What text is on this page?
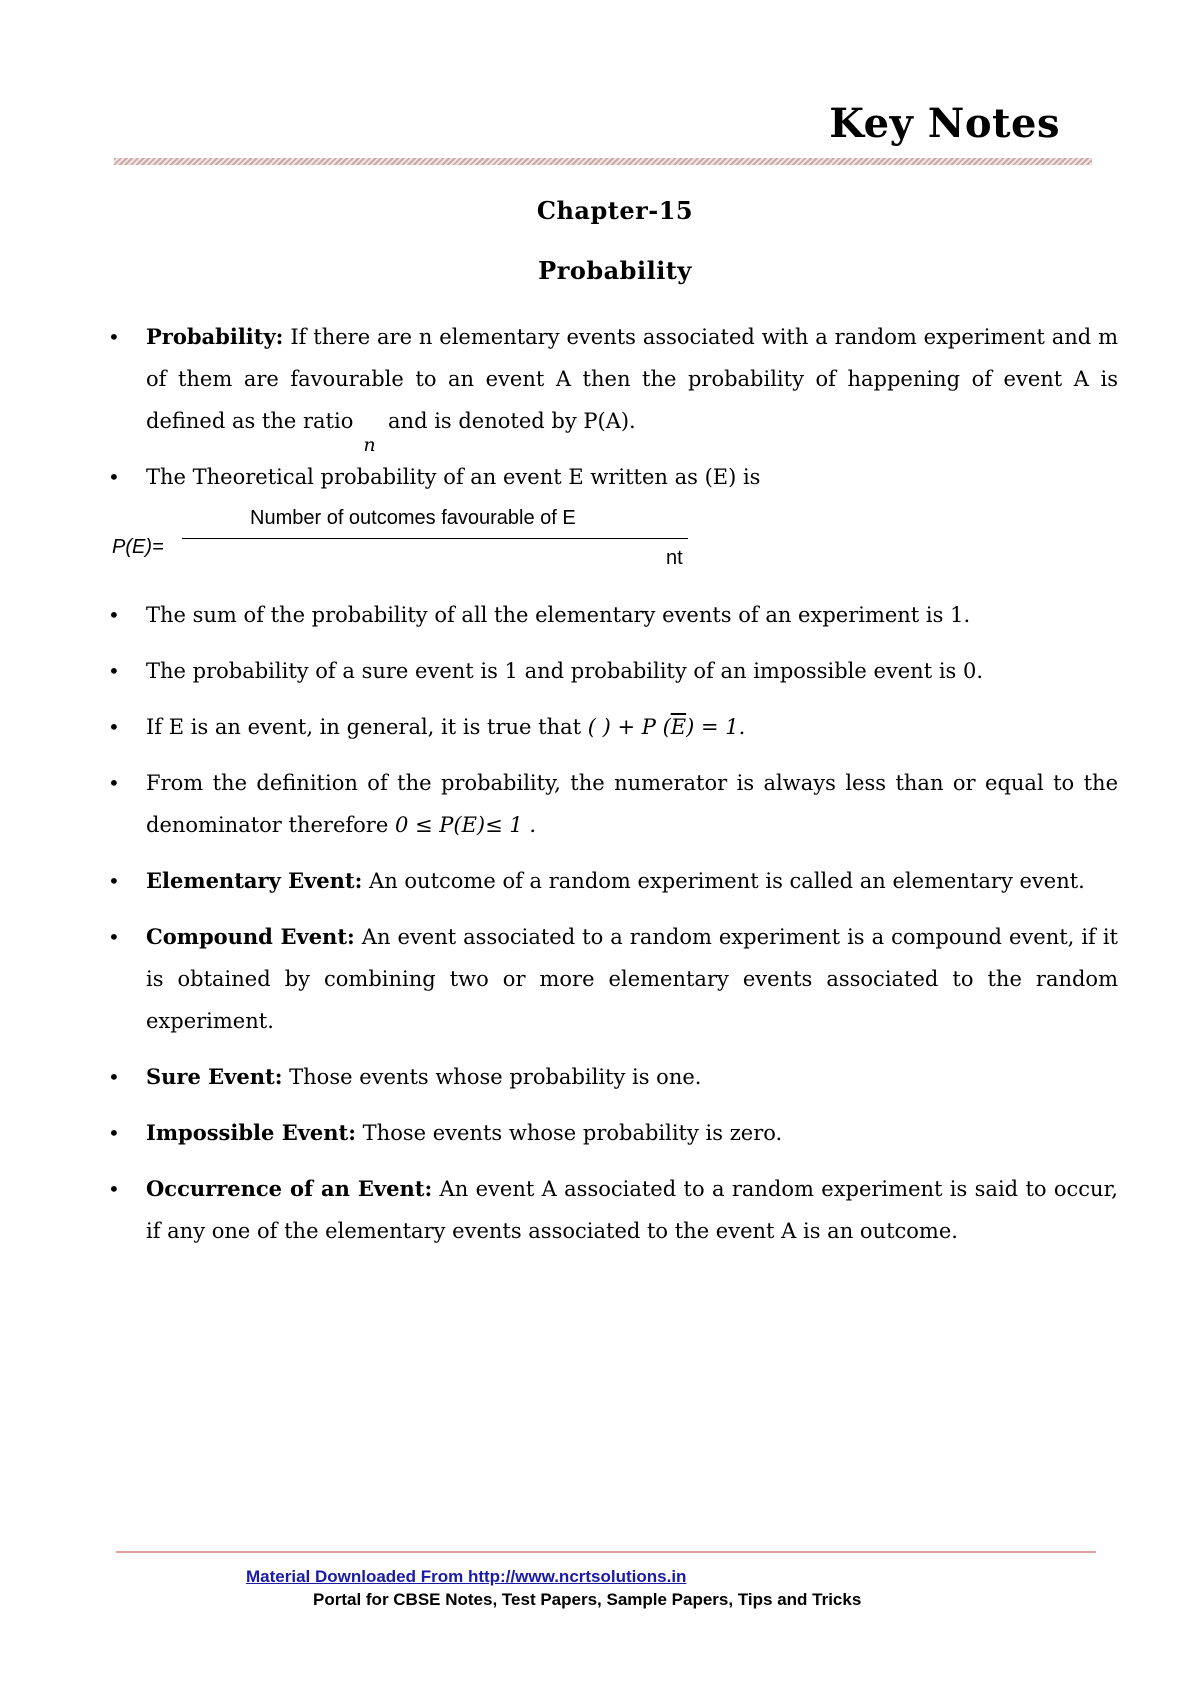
Key Notes
Chapter-15
Probability
• Probability: If there are n elementary events associated with a random experiment and m of them are favourable to an event A then the probability of happening of event A is defined as the ratio
n
and is denoted by P(A).
• The Theoretical probability of an event E written as (E) is
P(E)=
Number of outcomes favourable of E
nt
• The sum of the probability of all the elementary events of an experiment is 1.
• The probability of a sure event is 1 and probability of an impossible event is 0.
• If E is an event, in general, it is true that ( ) + P $(\overline{E}) = 1$.
• From the definition of the probability, the numerator is always less than or equal to the denominator therefore 0 ≤ P(E)≤ 1 .
• Elementary Event: An outcome of a random experiment is called an elementary event.
• Compound Event: An event associated to a random experiment is a compound event, if it is obtained by combining two or more elementary events associated to the random experiment.
• Sure Event: Those events whose probability is one.
• Impossible Event: Those events whose probability is zero.
• Occurrence of an Event: An event A associated to a random experiment is said to occur, if any one of the elementary events associated to the event A is an outcome.
Material Downloaded From http://www.ncrtsolutions.in
Portal for CBSE Notes, Test Papers, Sample Papers, Tips and Tricks
